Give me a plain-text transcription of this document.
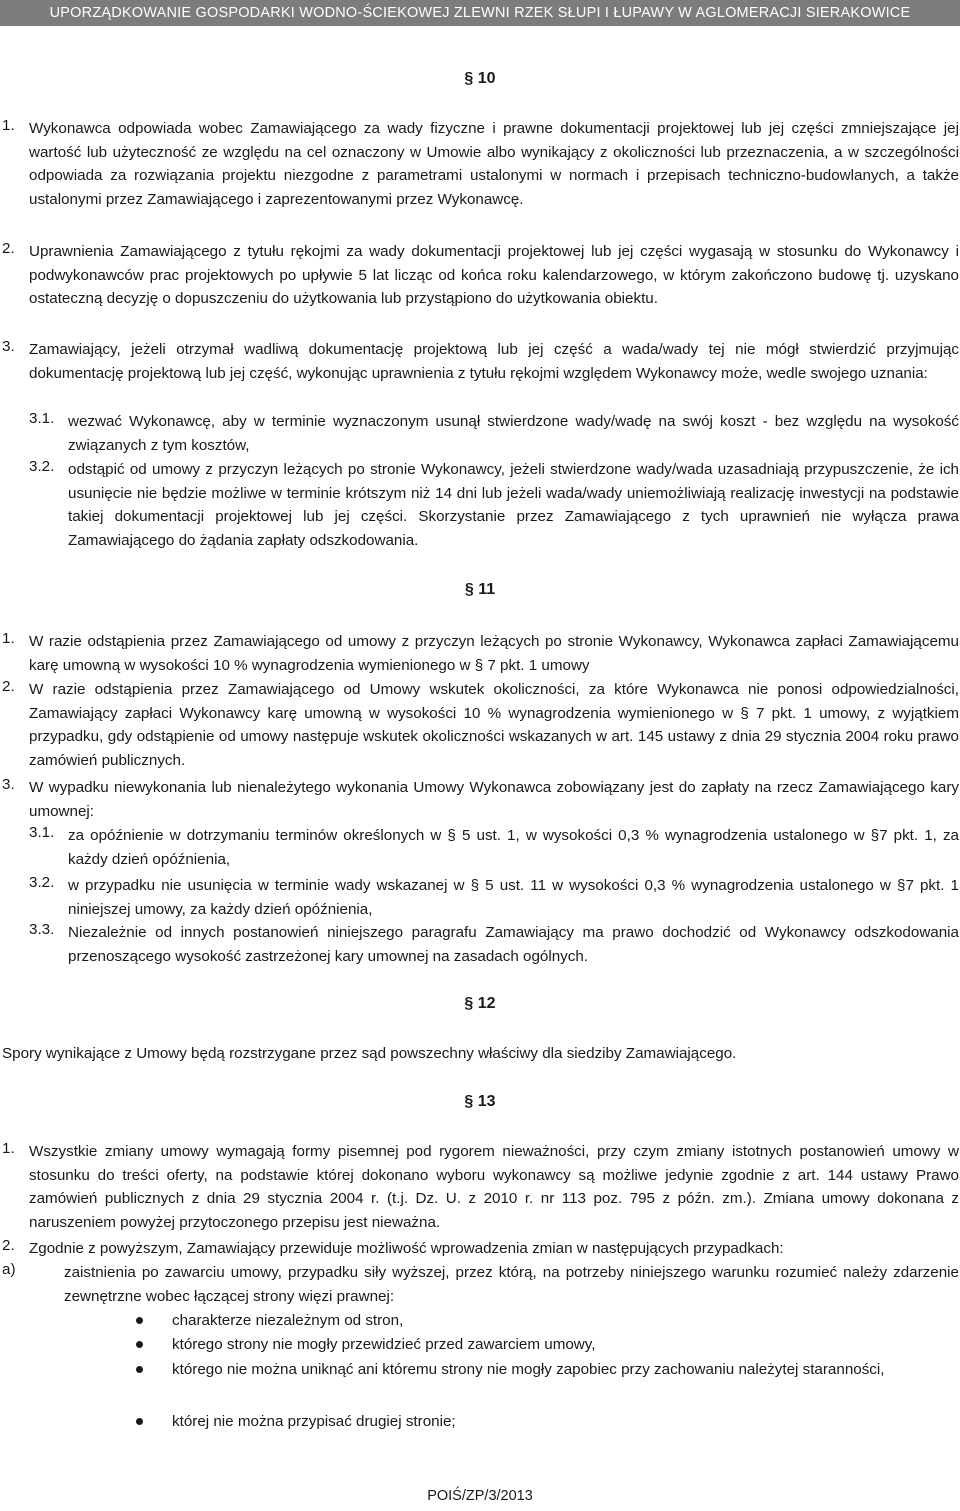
UPORZĄDKOWANIE GOSPODARKI WODNO-ŚCIEKOWEJ ZLEWNI RZEK SŁUPI I ŁUPAWY W AGLOMERACJI SIERAKOWICE
§ 10
1. Wykonawca odpowiada wobec Zamawiającego za wady fizyczne i prawne dokumentacji projektowej lub jej części zmniejszające jej wartość lub użyteczność ze względu na cel oznaczony w Umowie albo wynikający z okoliczności lub przeznaczenia, a w szczególności odpowiada za rozwiązania projektu niezgodne z parametrami ustalonymi w normach i przepisach techniczno-budowlanych, a także ustalonymi przez Zamawiającego i zaprezentowanymi przez Wykonawcę.

2. Uprawnienia Zamawiającego z tytułu rękojmi za wady dokumentacji projektowej lub jej części wygasają w stosunku do Wykonawcy i podwykonawców prac projektowych po upływie 5 lat licząc od końca roku kalendarzowego, w którym zakończono budowę tj. uzyskano ostateczną decyzję o dopuszczeniu do użytkowania lub przystąpiono do użytkowania obiektu.

3. Zamawiający, jeżeli otrzymał wadliwą dokumentację projektową lub jej część a wada/wady tej nie mógł stwierdzić przyjmując dokumentację projektową lub jej część, wykonując uprawnienia z tytułu rękojmi względem Wykonawcy może, wedle swojego uznania:

3.1. wezwać Wykonawcę, aby w terminie wyznaczonym usunął stwierdzone wady/wadę na swój koszt - bez względu na wysokość związanych z tym kosztów,

3.2. odstąpić od umowy z przyczyn leżących po stronie Wykonawcy, jeżeli stwierdzone wady/wada uzasadniają przypuszczenie, że ich usunięcie nie będzie możliwe w terminie krótszym niż 14 dni lub jeżeli wada/wady uniemożliwiają realizację inwestycji na podstawie takiej dokumentacji projektowej lub jej części. Skorzystanie przez Zamawiającego z tych uprawnień nie wyłącza prawa Zamawiającego do żądania zapłaty odszkodowania.

§ 11
1. W razie odstąpienia przez Zamawiającego od umowy z przyczyn leżących po stronie Wykonawcy, Wykonawca zapłaci Zamawiającemu karę umowną w wysokości 10 % wynagrodzenia wymienionego w § 7 pkt. 1 umowy

2. W razie odstąpienia przez Zamawiającego od Umowy wskutek okoliczności, za które Wykonawca nie ponosi odpowiedzialności, Zamawiający zapłaci Wykonawcy karę umowną w wysokości 10 % wynagrodzenia wymienionego w § 7 pkt. 1 umowy, z wyjątkiem przypadku, gdy odstąpienie od umowy następuje wskutek okoliczności wskazanych w art. 145 ustawy z dnia 29 stycznia 2004 roku prawo zamówień publicznych.

3. W wypadku niewykonania lub nienależytego wykonania Umowy Wykonawca zobowiązany jest do zapłaty na rzecz Zamawiającego kary umownej:

3.1. za opóźnienie w dotrzymaniu terminów określonych w § 5 ust. 1, w wysokości 0,3 % wynagrodzenia ustalonego w §7 pkt. 1, za każdy dzień opóźnienia,

3.2. w przypadku nie usunięcia w terminie wady wskazanej w § 5 ust. 11 w wysokości 0,3 % wynagrodzenia ustalonego w §7 pkt. 1 niniejszej umowy, za każdy dzień opóźnienia,

3.3. Niezależnie od innych postanowień niniejszego paragrafu Zamawiający ma prawo dochodzić od Wykonawcy odszkodowania przenoszącego wysokość zastrzeżonej kary umownej na zasadach ogólnych.

§ 12

Spory wynikające z Umowy będą rozstrzygane przez sąd powszechny właściwy dla siedziby Zamawiającego.

§ 13
1. Wszystkie zmiany umowy wymagają formy pisemnej pod rygorem nieważności, przy czym zmiany istotnych postanowień umowy w stosunku do treści oferty, na podstawie której dokonano wyboru wykonawcy są możliwe jedynie zgodnie z art. 144 ustawy Prawo zamówień publicznych z dnia 29 stycznia 2004 r. (t.j. Dz. U. z 2010 r. nr 113 poz. 795 z późn. zm.). Zmiana umowy dokonana z naruszeniem powyżej przytoczonego przepisu jest nieważna.

2. Zgodnie z powyższym, Zamawiający przewiduje możliwość wprowadzenia zmian w następujących przypadkach:

a)	zaistnienia po zawarciu umowy, przypadku siły wyższej, przez którą, na potrzeby niniejszego warunku rozumieć należy zdarzenie zewnętrzne wobec łączącej strony więzi prawnej:

charakterze niezależnym od stron,

którego strony nie mogły przewidzieć przed zawarciem umowy,

którego nie można uniknąć ani któremu strony nie mogły zapobiec przy zachowaniu należytej staranności,

której nie można przypisać drugiej stronie;

POIŚ/ZP/3/2013
